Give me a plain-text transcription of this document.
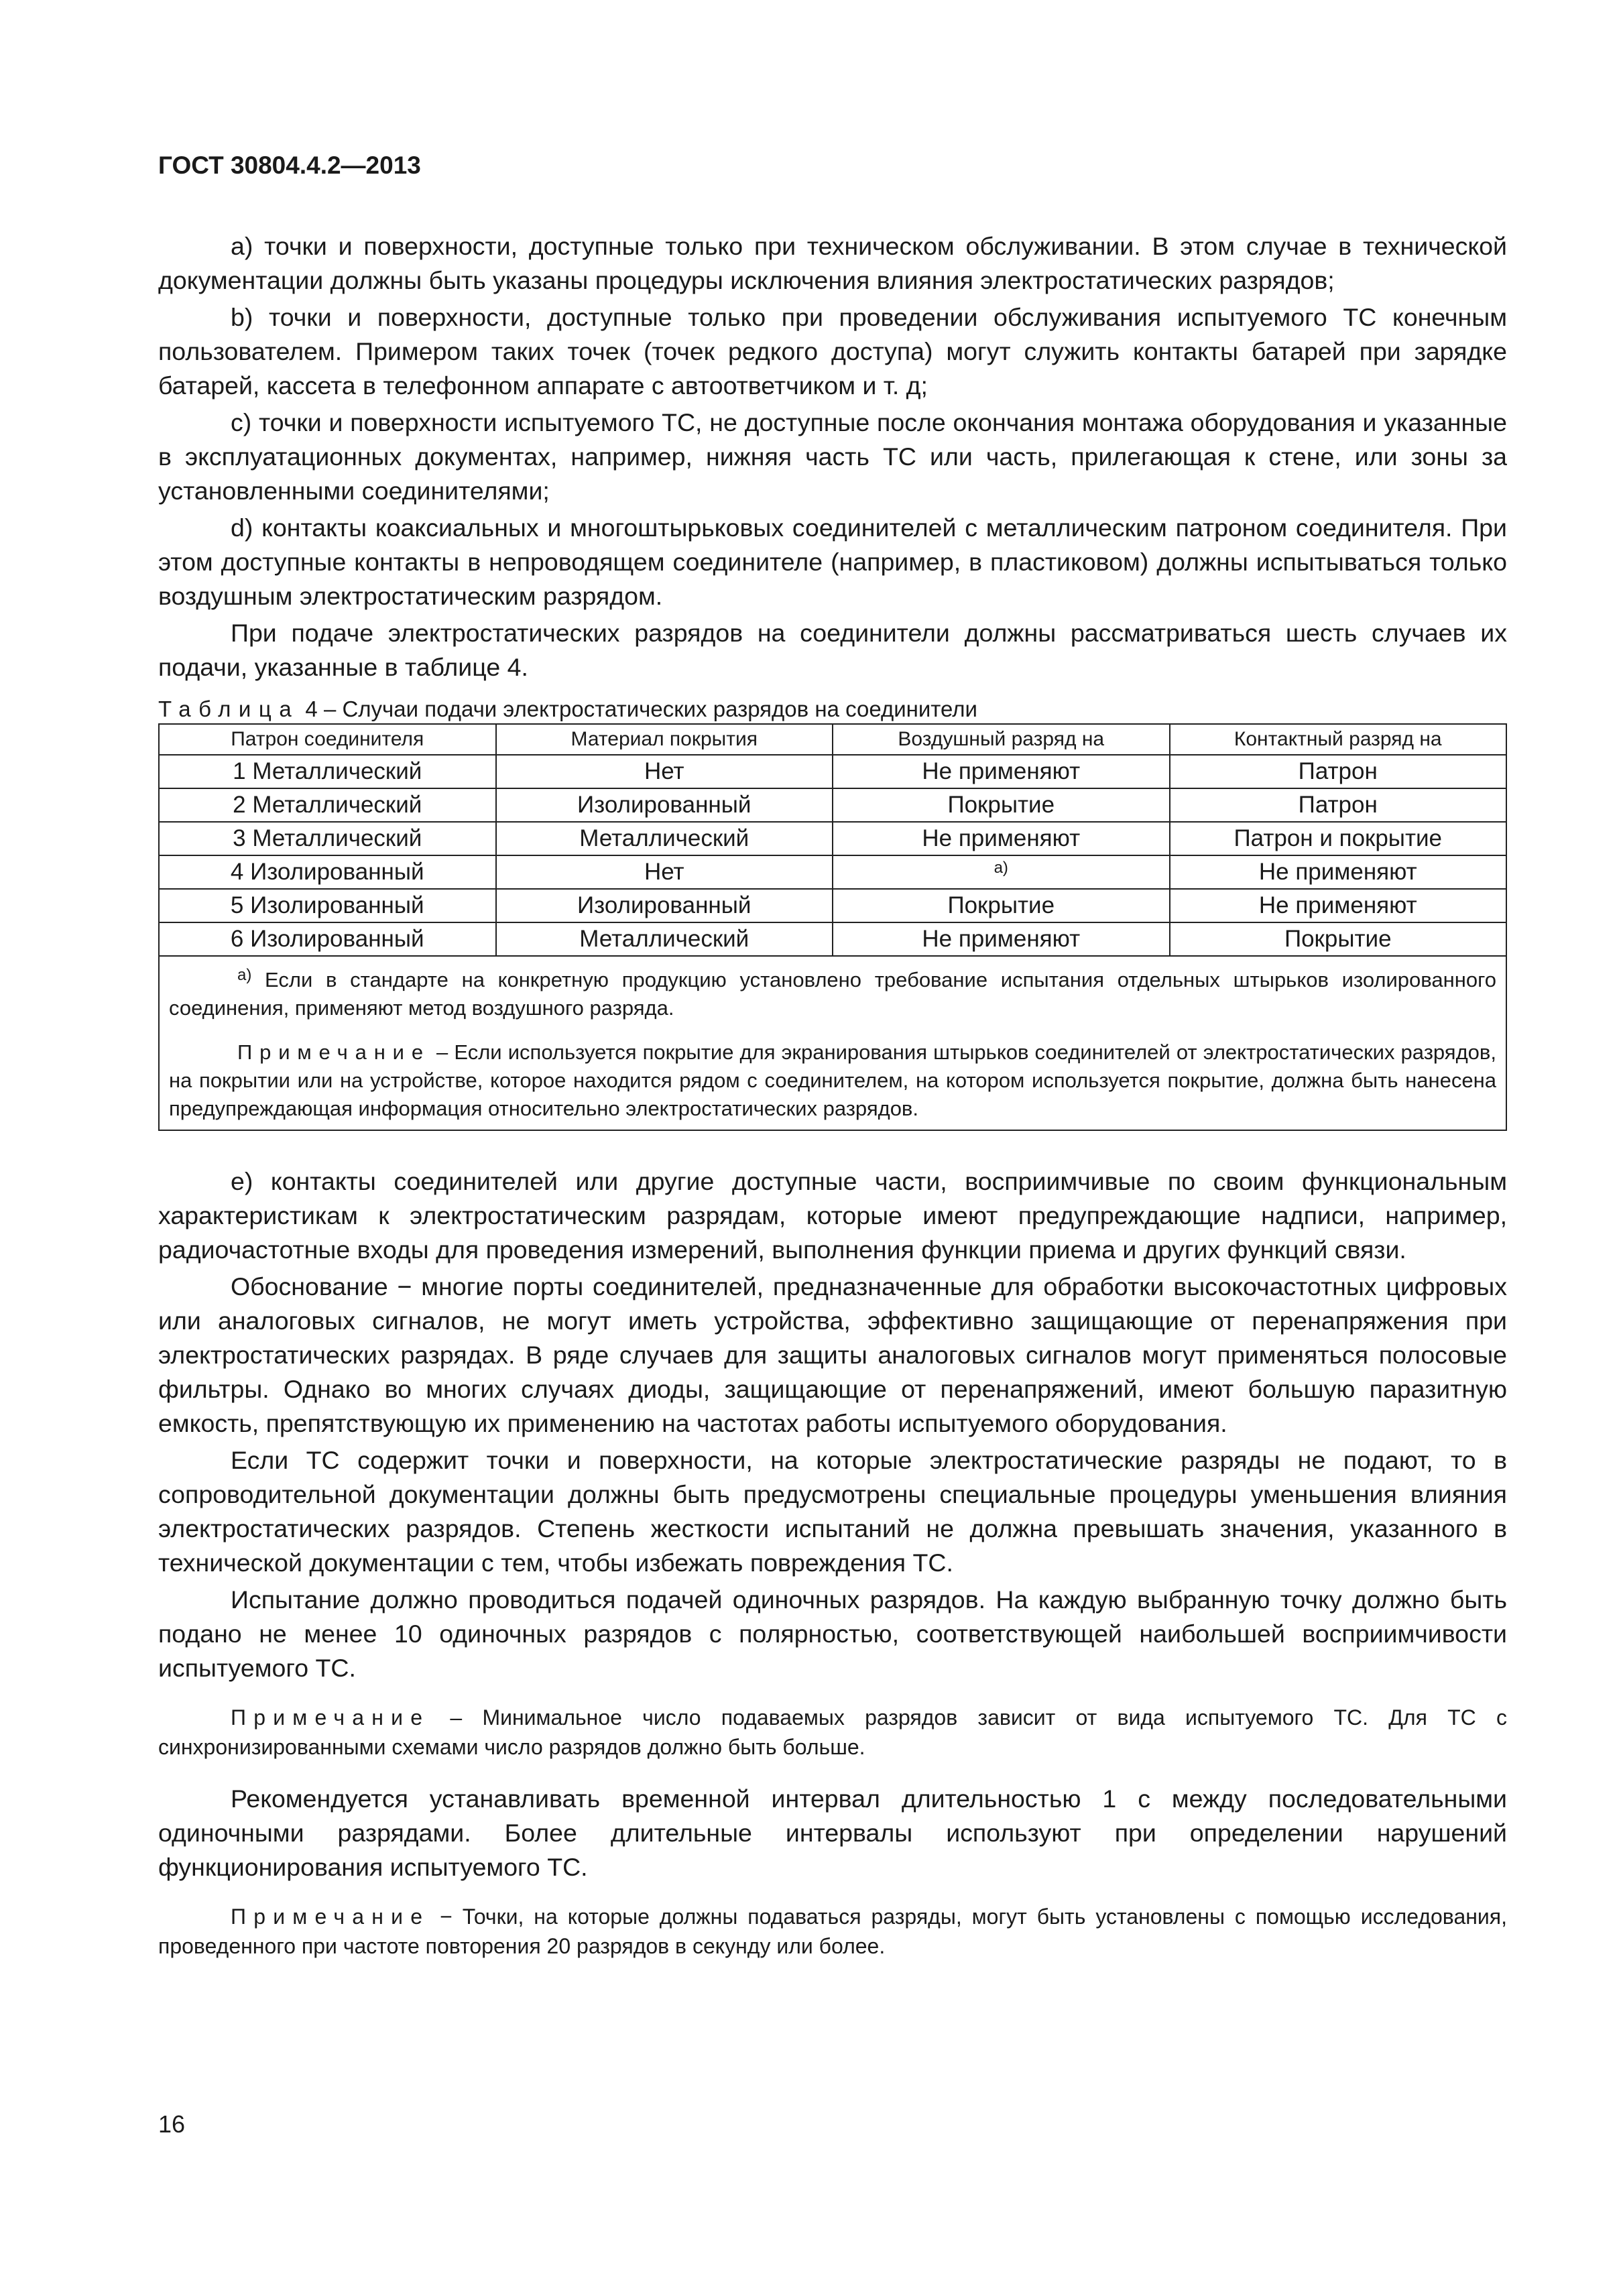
ГОСТ 30804.4.2—2013

а) точки и поверхности, доступные только при техническом обслуживании. В этом случае в технической документации должны быть указаны процедуры исключения влияния электростатических разрядов;

b) точки и поверхности, доступные только при проведении обслуживания испытуемого ТС конечным пользователем. Примером таких точек (точек редкого доступа) могут служить контакты батарей при зарядке батарей, кассета в телефонном аппарате с автоответчиком и т. д;

с) точки и поверхности испытуемого ТС, не доступные после окончания монтажа оборудования и указанные в эксплуатационных документах, например, нижняя часть ТС или часть, прилегающая к стене, или зоны за установленными соединителями;

d) контакты коаксиальных и многоштырьковых соединителей с металлическим патроном соединителя. При этом доступные контакты в непроводящем соединителе (например, в пластиковом) должны испытываться только воздушным электростатическим разрядом.

При подаче электростатических разрядов на соединители должны рассматриваться шесть случаев их подачи, указанные в таблице 4.

Таблица 4 – Случаи подачи электростатических разрядов на соединители
Патрон соединителя	Материал покрытия	Воздушный разряд на	Контактный разряд на
1 Металлический	Нет	Не применяют	Патрон
2 Металлический	Изолированный	Покрытие	Патрон
3 Металлический	Металлический	Не применяют	Патрон и покрытие
4 Изолированный	Нет	$^{а)}$	Не применяют
5 Изолированный	Изолированный	Покрытие	Не применяют
6 Изолированный	Металлический	Не применяют	Покрытие

$^{а)}$ Если в стандарте на конкретную продукцию установлено требование испытания отдельных штырьков изолированного соединения, применяют метод воздушного разряда.
Примечание – Если используется покрытие для экранирования штырьков соединителей от электростатических разрядов, на покрытии или на устройстве, которое находится рядом с соединителем, на котором используется покрытие, должна быть нанесена предупреждающая информация относительно электростатических разрядов.			

е) контакты соединителей или другие доступные части, восприимчивые по своим функциональным характеристикам к электростатическим разрядам, которые имеют предупреждающие надписи, например, радиочастотные входы для проведения измерений, выполнения функции приема и других функций связи.

Обоснование − многие порты соединителей, предназначенные для обработки высокочастотных цифровых или аналоговых сигналов, не могут иметь устройства, эффективно защищающие от перенапряжения при электростатических разрядах. В ряде случаев для защиты аналоговых сигналов могут применяться полосовые фильтры. Однако во многих случаях диоды, защищающие от перенапряжений, имеют большую паразитную емкость, препятствующую их применению на частотах работы испытуемого оборудования.

Если ТС содержит точки и поверхности, на которые электростатические разряды не подают, то в сопроводительной документации должны быть предусмотрены специальные процедуры уменьшения влияния электростатических разрядов. Степень жесткости испытаний не должна превышать значения, указанного в технической документации с тем, чтобы избежать повреждения ТС.

Испытание должно проводиться подачей одиночных разрядов. На каждую выбранную точку должно быть подано не менее 10 одиночных разрядов с полярностью, соответствующей наибольшей восприимчивости испытуемого ТС.

Примечание – Минимальное число подаваемых разрядов зависит от вида испытуемого ТС. Для ТС с синхронизированными схемами число разрядов должно быть больше.

Рекомендуется устанавливать временной интервал длительностью 1 с между последовательными одиночными разрядами. Более длительные интервалы используют при определении нарушений функционирования испытуемого ТС.

Примечание − Точки, на которые должны подаваться разряды, могут быть установлены с помощью исследования, проведенного при частоте повторения 20 разрядов в секунду или более.

16
